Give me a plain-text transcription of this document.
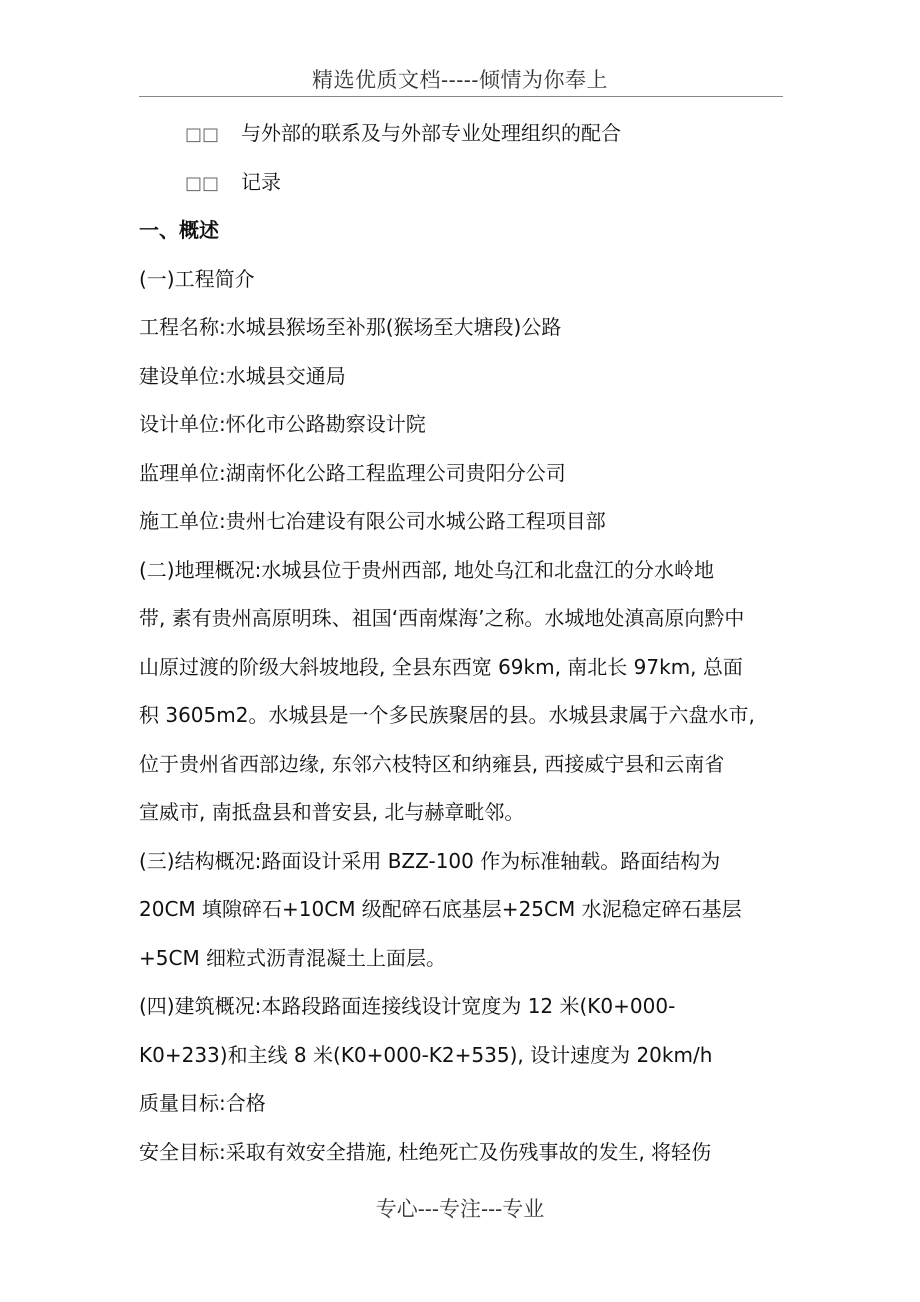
精选优质文档-----倾情为你奉上
□□ 与外部的联系及与外部专业处理组织的配合
□□ 记录
一、概述
(一)工程简介
工程名称:水城县猴场至补那(猴场至大塘段)公路
建设单位:水城县交通局
设计单位:怀化市公路勘察设计院
监理单位:湖南怀化公路工程监理公司贵阳分公司
施工单位:贵州七冶建设有限公司水城公路工程项目部
(二)地理概况:水城县位于贵州西部, 地处乌江和北盘江的分水岭地
带, 素有贵州高原明珠、祖国‘西南煤海’之称。水城地处滇高原向黔中
山原过渡的阶级大斜坡地段, 全县东西宽 69km, 南北长 97km, 总面
积 3605m2。水城县是一个多民族聚居的县。水城县隶属于六盘水市,
位于贵州省西部边缘, 东邻六枝特区和纳雍县, 西接威宁县和云南省
宣威市, 南抵盘县和普安县, 北与赫章毗邻。
(三)结构概况:路面设计采用 BZZ-100 作为标准轴载。路面结构为
20CM 填隙碎石+10CM 级配碎石底基层+25CM 水泥稳定碎石基层
+5CM 细粒式沥青混凝土上面层。
(四)建筑概况:本路段路面连接线设计宽度为 12 米(K0+000-
K0+233)和主线 8 米(K0+000-K2+535), 设计速度为 20km/h
质量目标:合格
安全目标:采取有效安全措施, 杜绝死亡及伤残事故的发生, 将轻伤
专心---专注---专业
